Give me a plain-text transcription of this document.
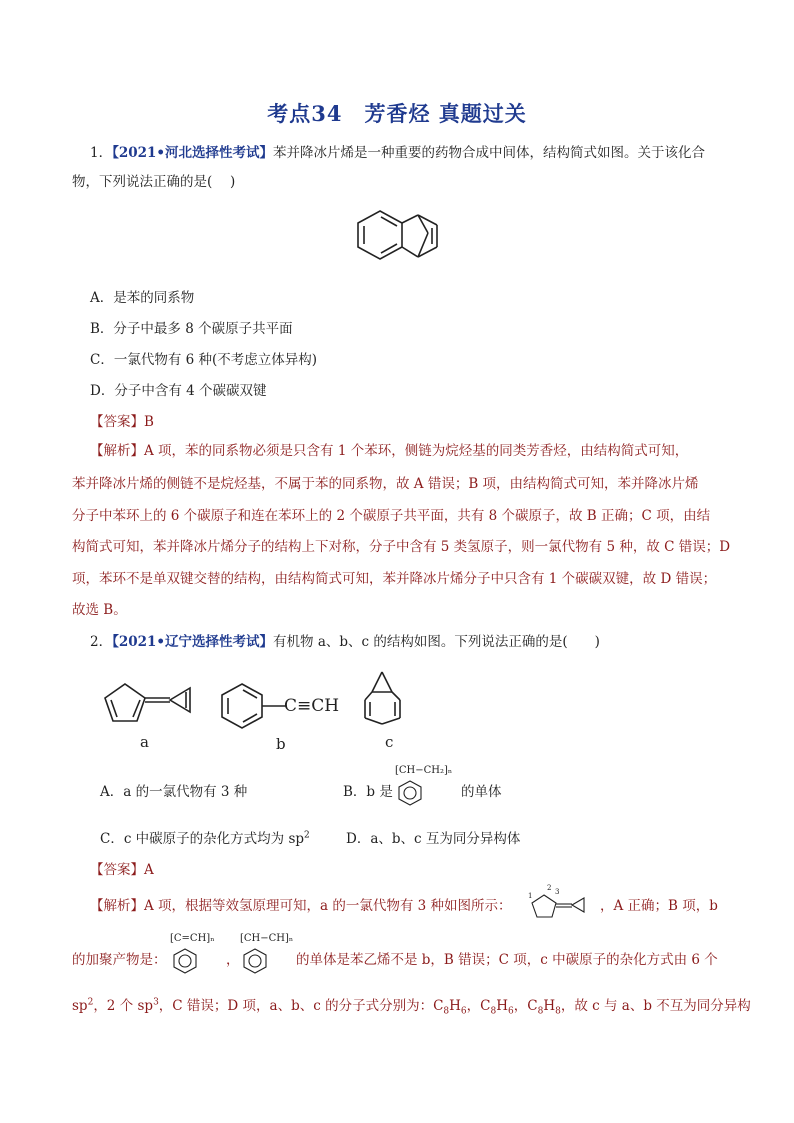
考点34　芳香烃 真题过关
1．【2021•河北选择性考试】苯并降冰片烯是一种重要的药物合成中间体，结构简式如图。关于该化合
物，下列说法正确的是(　 )
A．是苯的同系物
B．分子中最多 8 个碳原子共平面
C．一氯代物有 6 种(不考虑立体异构)
D．分子中含有 4 个碳碳双键
【答案】B
【解析】A 项，苯的同系物必须是只含有 1 个苯环，侧链为烷烃基的同类芳香烃，由结构简式可知，
苯并降冰片烯的侧链不是烷烃基，不属于苯的同系物，故 A 错误；B 项，由结构简式可知，苯并降冰片烯
分子中苯环上的 6 个碳原子和连在苯环上的 2 个碳原子共平面，共有 8 个碳原子，故 B 正确；C 项，由结
构简式可知，苯并降冰片烯分子的结构上下对称，分子中含有 5 类氢原子，则一氯代物有 5 种，故 C 错误；D
项，苯环不是单双键交替的结构，由结构简式可知，苯并降冰片烯分子中只含有 1 个碳碳双键，故 D 错误；
故选 B。
2．【2021•辽宁选择性考试】有机物 a、b、c 的结构如图。下列说法正确的是(　　)
a
C≡CH
b	c
A．a 的一氯代物有 3 种	B．b 是
[CH−CH₂]ₙ
的单体
C．c 中碳原子的杂化方式均为 $sp^2$	D．a、b、c 互为同分异构体
【答案】A
【解析】A 项，根据等效氢原理可知，a 的一氯代物有 3 种如图所示：
1
2 3
，A 正确；B 项，b
的加聚产物是：
[C=CH]ₙ
，
[CH−CH]ₙ
的单体是苯乙烯不是 b，B 错误；C 项，c 中碳原子的杂化方式由 6 个
$sp^2$，2 个 $sp^3$，C 错误；D 项，a、b、c 的分子式分别为：$C_8H_6$，$C_8H_6$，$C_8H_8$，故 c 与 a、b 不互为同分异构
